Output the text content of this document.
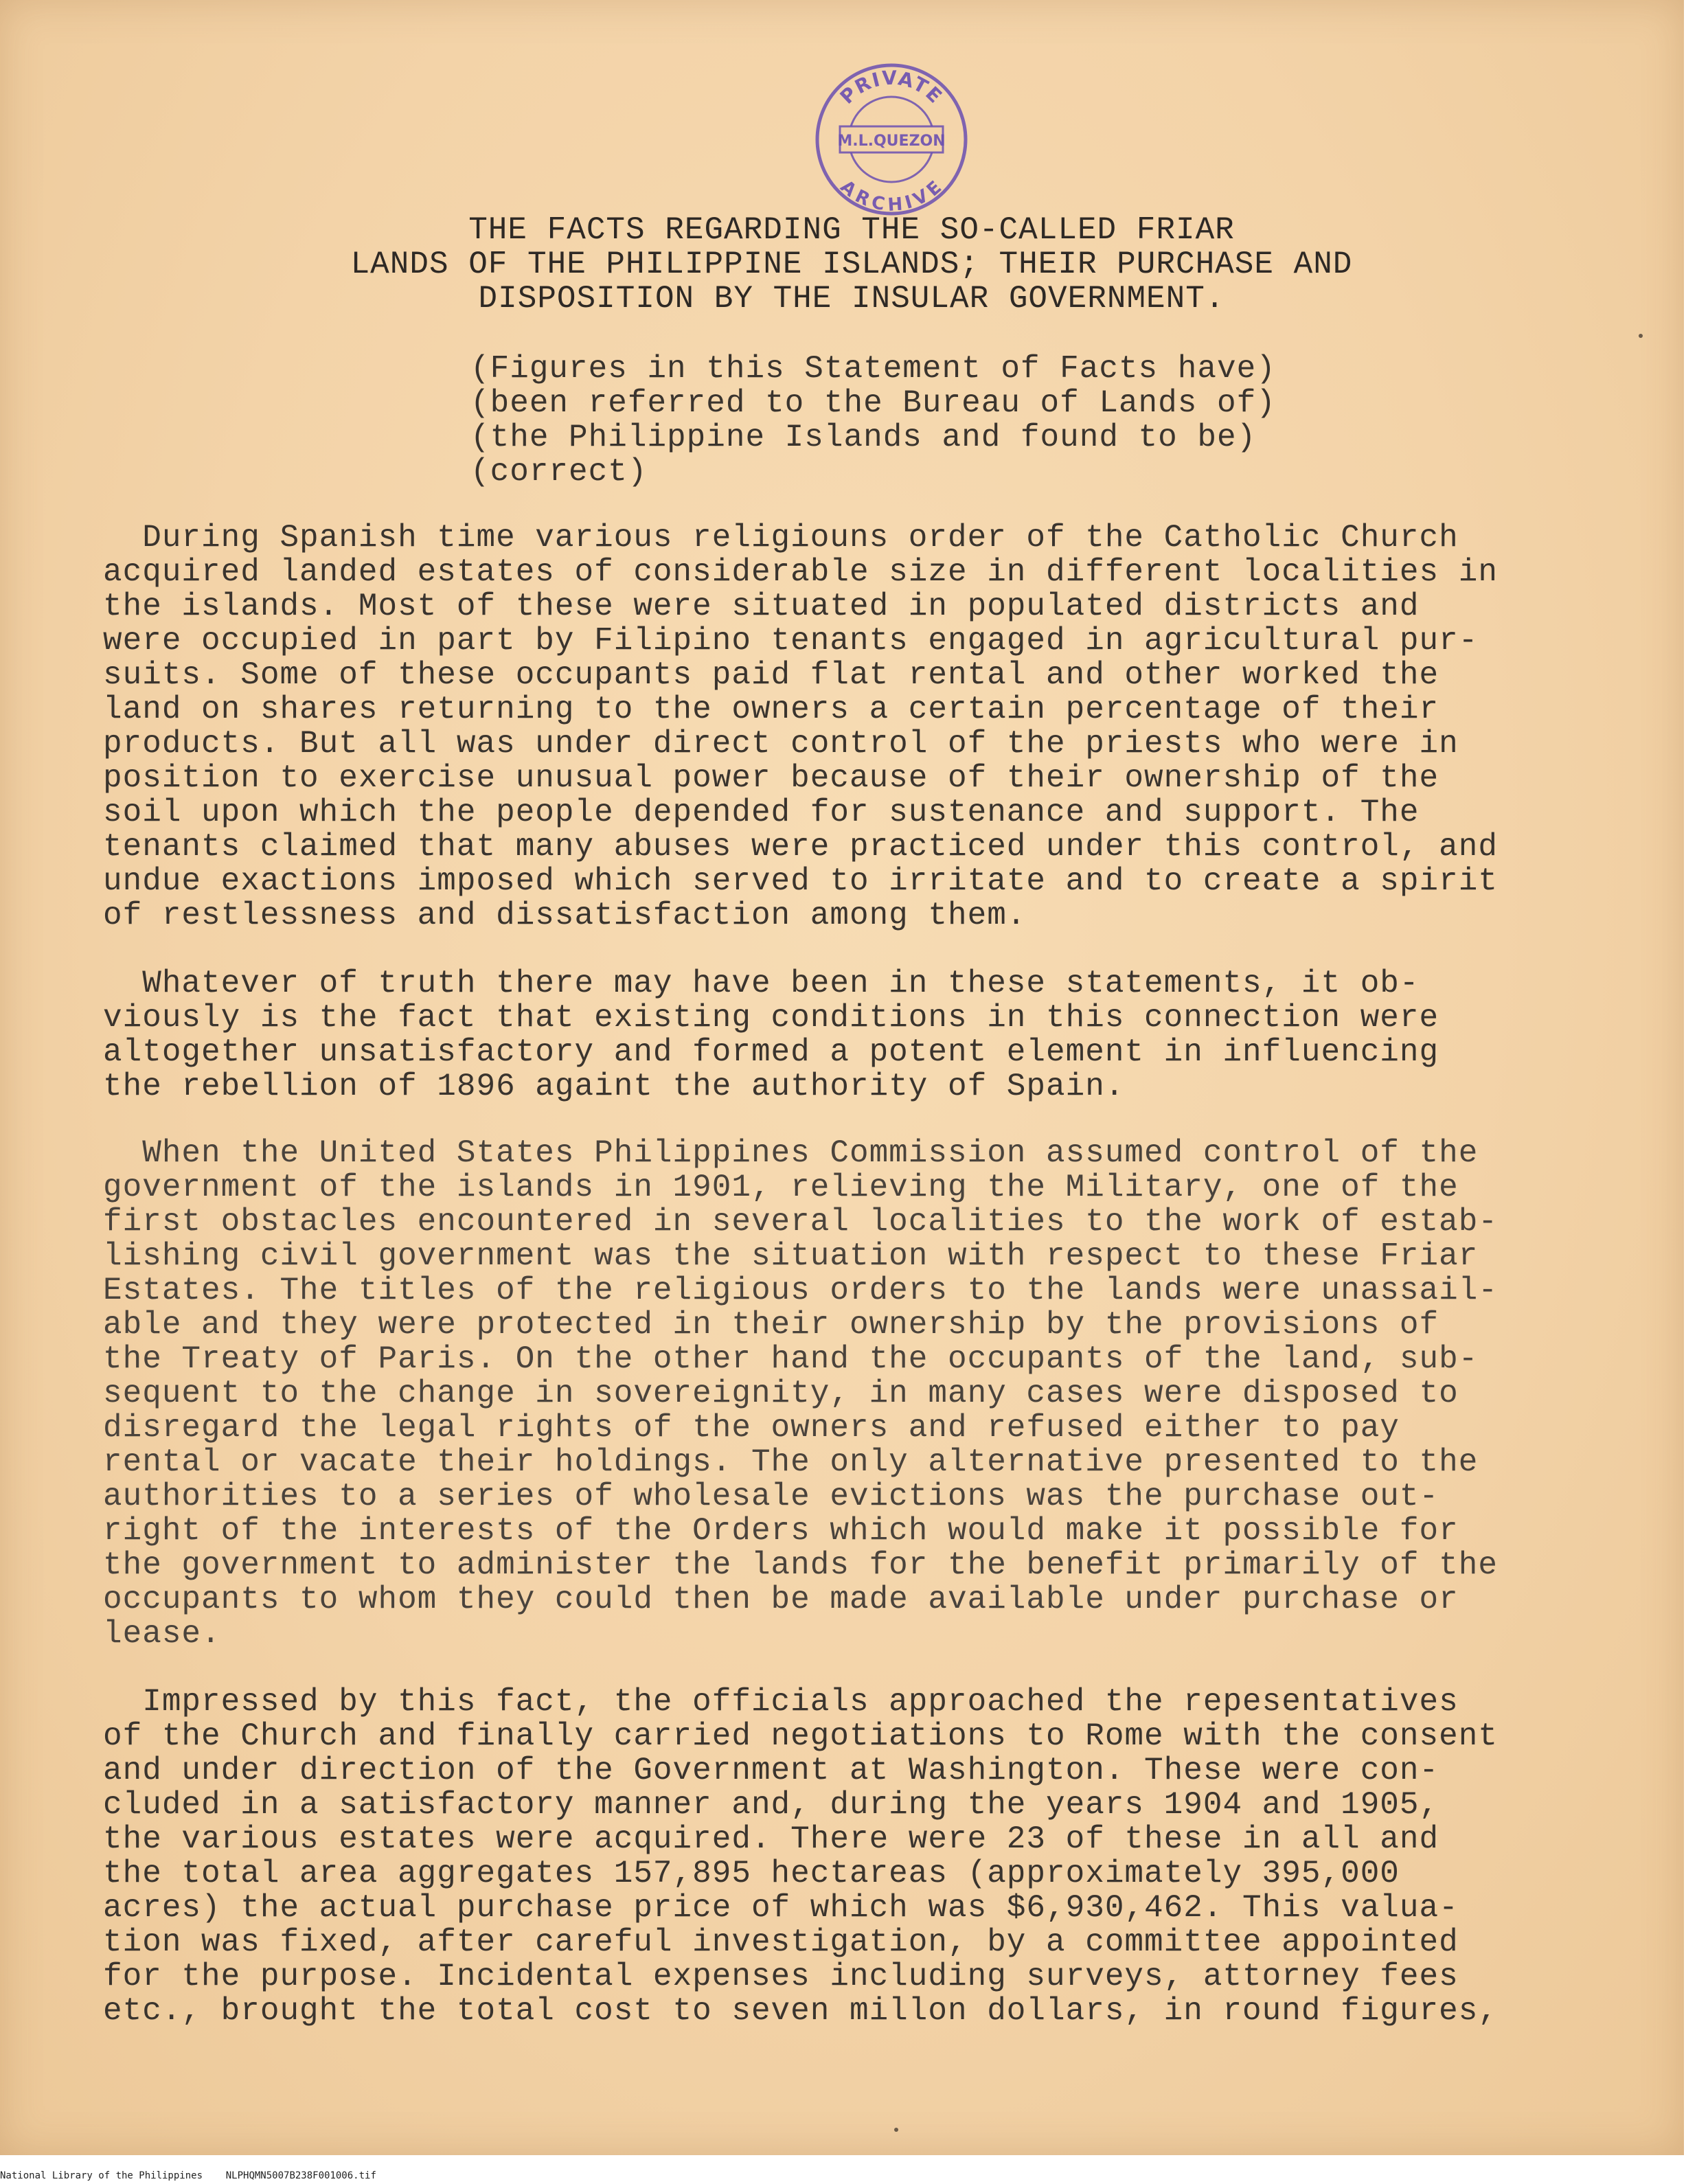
PRIVATE
M.L.QUEZON
ARCHIVE

THE FACTS REGARDING THE SO-CALLED FRIAR
LANDS OF THE PHILIPPINE ISLANDS; THEIR PURCHASE AND
DISPOSITION BY THE INSULAR GOVERNMENT.

(Figures in this Statement of Facts have)
(been referred to the Bureau of Lands of)
(the Philippine Islands and found to be)
(correct)

During Spanish time various religiouns order of the Catholic Church
acquired landed estates of considerable size in different localities in
the islands. Most of these were situated in populated districts and
were occupied in part by Filipino tenants engaged in agricultural pur-
suits. Some of these occupants paid flat rental and other worked the
land on shares returning to the owners a certain percentage of their
products. But all was under direct control of the priests who were in
position to exercise unusual power because of their ownership of the
soil upon which the people depended for sustenance and support. The
tenants claimed that many abuses were practiced under this control, and
undue exactions imposed which served to irritate and to create a spirit
of restlessness and dissatisfaction among them.

Whatever of truth there may have been in these statements, it ob-
viously is the fact that existing conditions in this connection were
altogether unsatisfactory and formed a potent element in influencing
the rebellion of 1896 againt the authority of Spain.

When the United States Philippines Commission assumed control of the
government of the islands in 1901, relieving the Military, one of the
first obstacles encountered in several localities to the work of estab-
lishing civil government was the situation with respect to these Friar
Estates. The titles of the religious orders to the lands were unassail-
able and they were protected in their ownership by the provisions of
the Treaty of Paris. On the other hand the occupants of the land, sub-
sequent to the change in sovereignity, in many cases were disposed to
disregard the legal rights of the owners and refused either to pay
rental or vacate their holdings. The only alternative presented to the
authorities to a series of wholesale evictions was the purchase out-
right of the interests of the Orders which would make it possible for
the government to administer the lands for the benefit primarily of the
occupants to whom they could then be made available under purchase or
lease.

Impressed by this fact, the officials approached the repesentatives
of the Church and finally carried negotiations to Rome with the consent
and under direction of the Government at Washington. These were con-
cluded in a satisfactory manner and, during the years 1904 and 1905,
the various estates were acquired. There were 23 of these in all and
the total area aggregates 157,895 hectareas (approximately 395,000
acres) the actual purchase price of which was $6,930,462. This valua-
tion was fixed, after careful investigation, by a committee appointed
for the purpose. Incidental expenses including surveys, attorney fees
etc., brought the total cost to seven millon dollars, in round figures,

National Library of the Philippines NLPHQMN5007B238F001006.tif
